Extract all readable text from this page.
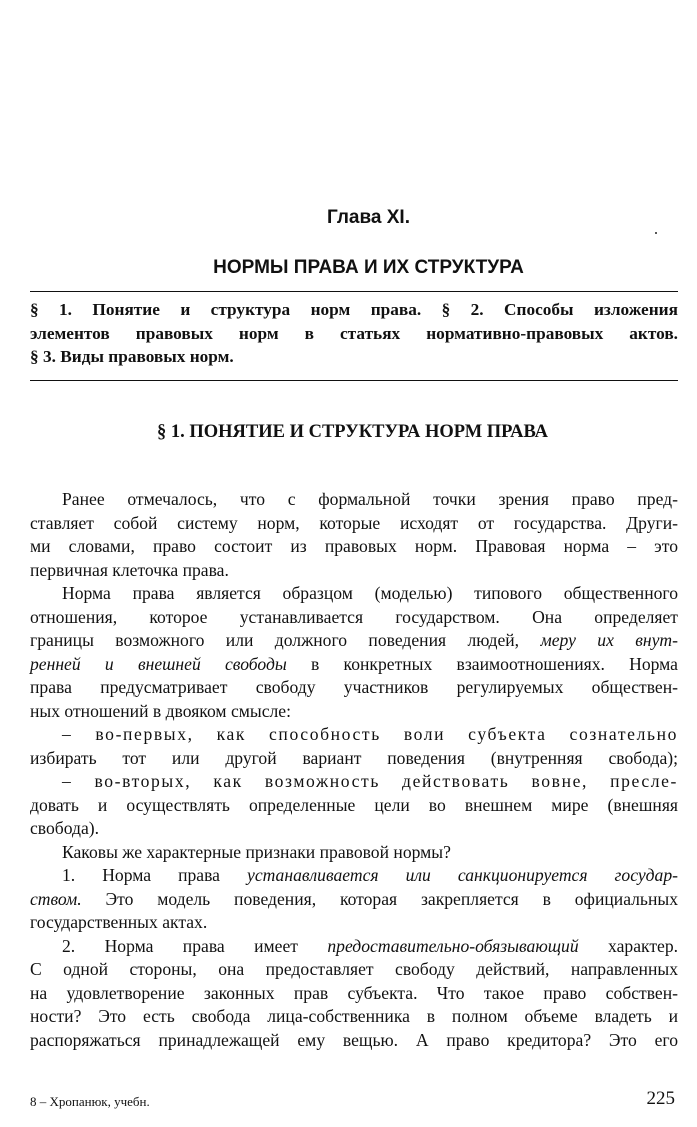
Глава XI.
НОРМЫ ПРАВА И ИХ СТРУКТУРА
§ 1. Понятие и структура норм права. § 2. Способы изложения
элементов правовых норм в статьях нормативно-правовых актов.
§ 3. Виды правовых норм.
§ 1. ПОНЯТИЕ И СТРУКТУРА НОРМ ПРАВА
Ранее отмечалось, что с формальной точки зрения право пред-
ставляет собой систему норм, которые исходят от государства. Други-
ми словами, право состоит из правовых норм. Правовая норма – это
первичная клеточка права.
Норма права является образцом (моделью) типового общественного
отношения, которое устанавливается государством. Она определяет
границы возможного или должного поведения людей, меру их внут-
ренней и внешней свободы в конкретных взаимоотношениях. Норма
права предусматривает свободу участников регулируемых обществен-
ных отношений в двояком смысле:
– во-первых, как способность воли субъекта сознательно
избирать тот или другой вариант поведения (внутренняя свобода);
– во-вторых, как возможность действовать вовне, пресле-
довать и осуществлять определенные цели во внешнем мире (внешняя
свобода).
Каковы же характерные признаки правовой нормы?
1. Норма права устанавливается или санкционируется государ-
ством. Это модель поведения, которая закрепляется в официальных
государственных актах.
2. Норма права имеет предоставительно-обязывающий характер.
С одной стороны, она предоставляет свободу действий, направленных
на удовлетворение законных прав субъекта. Что такое право собствен-
ности? Это есть свобода лица-собственника в полном объеме владеть и
распоряжаться принадлежащей ему вещью. А право кредитора? Это его
8 – Хропанюк, учебн.	225
